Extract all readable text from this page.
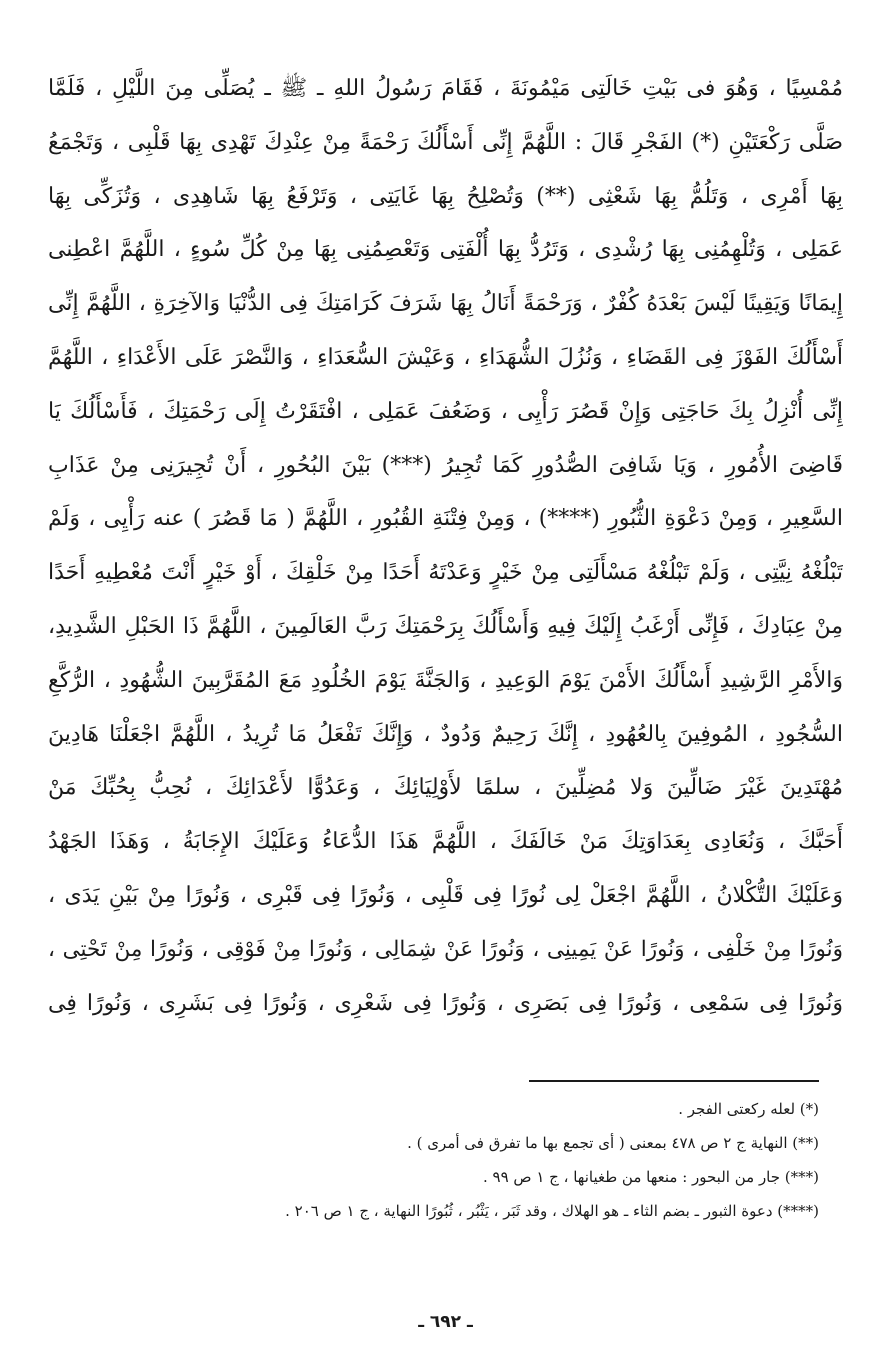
مُمْسِيًا ، وَهُوَ فى بَيْتِ خَالَتِى مَيْمُونَةَ ، فَقَامَ رَسُولُ اللهِ ـ ﷺ ـ يُصَلِّى مِنَ اللَّيْلِ ، فَلَمَّا
صَلَّى رَكْعَتَيْنِ (*) الفَجْرِ قَالَ : اللَّهُمَّ إِنِّى أَسْأَلُكَ رَحْمَةً مِنْ عِنْدِكَ تَهْدِى بِهَا قَلْبِى ، وَتَجْمَعُ
بِهَا أَمْرِى ، وَتَلُمُّ بِهَا شَعْثِى (**) وَتُصْلِحُ بِهَا غَايَتِى ، وَتَرْفَعُ بِهَا شَاهِدِى ، وَتُزَكِّى بِهَا
عَمَلِى ، وَتُلْهِمُنِى بِهَا رُشْدِى ، وَتَرُدُّ بِهَا أُلْفَتِى وَتَعْصِمُنِى بِهَا مِنْ كُلِّ سُوءٍ ، اللَّهُمَّ اعْطِنى
إِيمَانًا وَيَقِينًا لَيْسَ بَعْدَهُ كُفْرٌ ، وَرَحْمَةً أَنَالُ بِهَا شَرَفَ كَرَامَتِكَ فِى الدُّنْيَا وَالآخِرَةِ ، اللَّهُمَّ إِنِّى
أَسْأَلُكَ الفَوْزَ فِى القَضَاءِ ، وَنُزُلَ الشُّهَدَاءِ ، وَعَيْشَ السُّعَدَاءِ ، وَالنَّصْرَ عَلَى الأَعْدَاءِ ، اللَّهُمَّ
إِنِّى أُنْزِلُ بِكَ حَاجَتِى وَإِنْ قَصُرَ رَأْيِى ، وَضَعُفَ عَمَلِى ، افْتَقَرْتُ إِلَى رَحْمَتِكَ ، فَأَسْأَلُكَ يَا
قَاضِىَ الأُمُورِ ، وَيَا شَافِىَ الصُّدُورِ كَمَا تُجِيرُ (***) بَيْنَ البُحُورِ ، أَنْ تُجِيرَنِى مِنْ عَذَابِ
السَّعِيرِ ، وَمِنْ دَعْوَةِ الثُّبُورِ (****) ، وَمِنْ فِتْنَةِ القُبُورِ ، اللَّهُمَّ ( مَا قَصُرَ ) عنه رَأْيِى ، وَلَمْ
تَبْلُغْهُ نِيَّتِى ، وَلَمْ تَبْلُغْهُ مَسْأَلَتِى مِنْ خَيْرٍ وَعَدْتَهُ أَحَدًا مِنْ خَلْقِكَ ، أَوْ خَيْرٍ أَنْتَ مُعْطِيهِ أَحَدًا
مِنْ عِبَادِكَ ، فَإِنِّى أَرْغَبُ إِلَيْكَ فِيهِ وَأَسْأَلُكَ بِرَحْمَتِكَ رَبَّ العَالَمِينَ ، اللَّهُمَّ ذَا الحَبْلِ الشَّدِيدِ،
وَالأَمْرِ الرَّشِيدِ أَسْأَلُكَ الأَمْنَ يَوْمَ الوَعِيدِ ، وَالجَنَّةَ يَوْمَ الخُلُودِ مَعَ المُقَرَّبِينَ الشُّهُودِ ، الرُّكَّعِ
السُّجُودِ ، المُوفِينَ بِالعُهُودِ ، إِنَّكَ رَحِيمٌ وَدُودٌ ، وَإِنَّكَ تَفْعَلُ مَا تُرِيدُ ، اللَّهُمَّ اجْعَلْنَا هَادِينَ
مُهْتَدِينَ غَيْرَ ضَالِّينَ وَلا مُضِلِّينَ ، سلمًا لأَوْلِيَائِكَ ، وَعَدُوًّا لأَعْدَائِكَ ، نُحِبُّ بِحُبِّكَ مَنْ
أَحَبَّكَ ، وَنُعَادِى بِعَدَاوَتِكَ مَنْ خَالَفَكَ ، اللَّهُمَّ هَذَا الدُّعَاءُ وَعَلَيْكَ الإِجَابَةُ ، وَهَذَا الجَهْدُ
وَعَلَيْكَ التُّكْلانُ ، اللَّهُمَّ اجْعَلْ لِى نُورًا فِى قَلْبِى ، وَنُورًا فِى قَبْرِى ، وَنُورًا مِنْ بَيْنِ يَدَى ،
وَنُورًا مِنْ خَلْفِى ، وَنُورًا عَنْ يَمِينِى ، وَنُورًا عَنْ شِمَالِى ، وَنُورًا مِنْ فَوْقِى ، وَنُورًا مِنْ تَحْتِى ،
وَنُورًا فِى سَمْعِى ، وَنُورًا فِى بَصَرِى ، وَنُورًا فِى شَعْرِى ، وَنُورًا فِى بَشَرِى ، وَنُورًا فِى
(*) لعله ركعتى الفجر .
(**) النهاية ج ٢ ص ٤٧٨ بمعنى ( أى تجمع بها ما تفرق فى أمرى ) .
(***) جار من البحور : منعها من طغيانها ، ج ١ ص ٩٩ .
(****) دعوة الثبور ـ بضم الثاء ـ هو الهلاك ، وقد ثَبَر ، يَثْبُر ، ثُبُورًا النهاية ، ج ١ ص ٢٠٦ .
ـ ٦٩٢ ـ
